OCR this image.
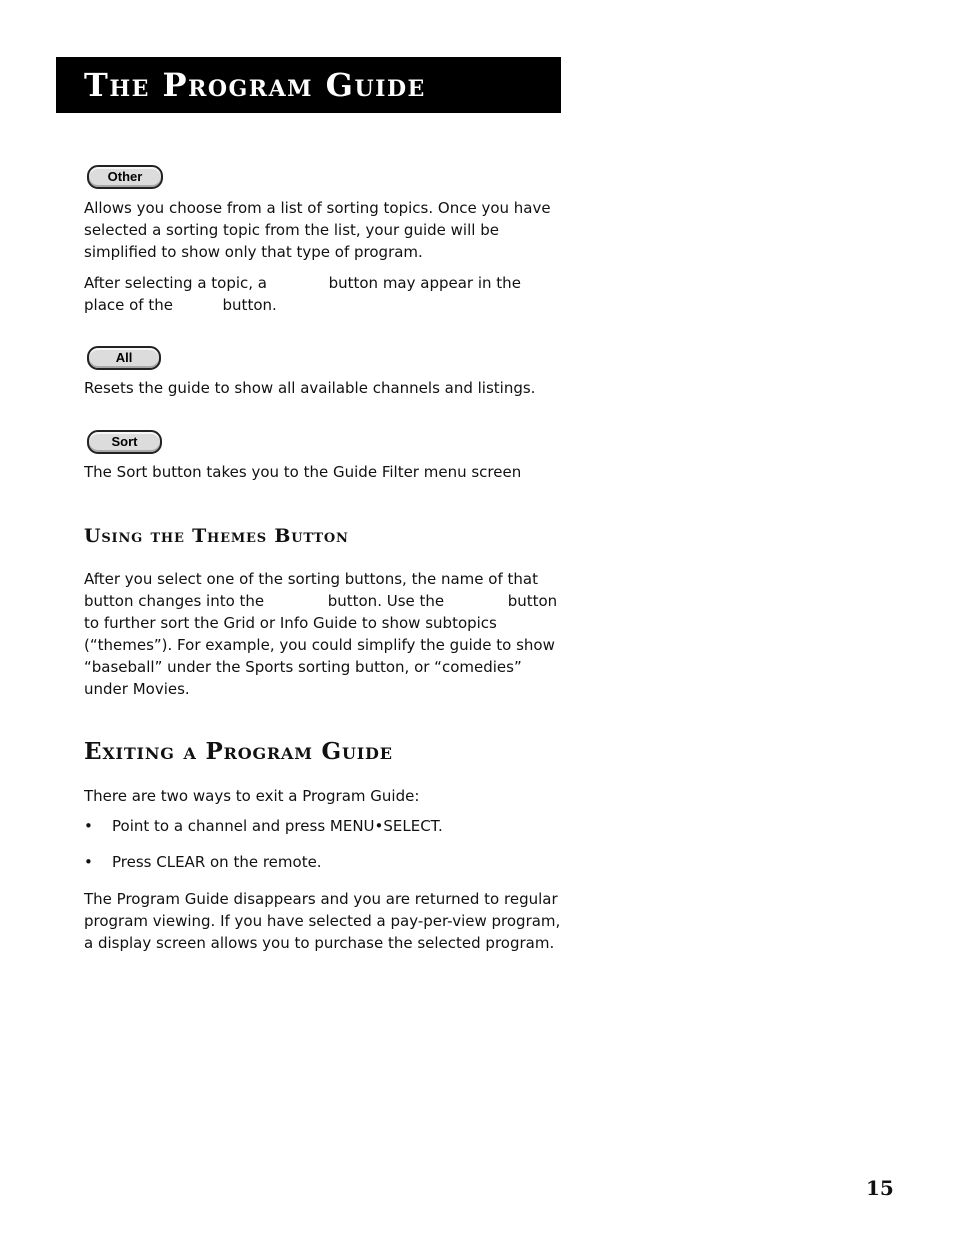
The Program Guide
Other

Allows you choose from a list of sorting topics. Once you have selected a sorting topic from the list, your guide will be simplified to show only that type of program.

After selecting a topic, a	button may appear in the place of the	button.

All

Resets the guide to show all available channels and listings.

Sort

The Sort button takes you to the Guide Filter menu screen

Using the Themes Button

After you select one of the sorting buttons, the name of that button changes into the	button. Use the	button to further sort the Grid or Info Guide to show subtopics (“themes”). For example, you could simplify the guide to show “baseball” under the Sports sorting button, or “comedies” under Movies.

Exiting a Program Guide

There are two ways to exit a Program Guide:

• Point to a channel and press MENU•SELECT.
• Press CLEAR on the remote.

The Program Guide disappears and you are returned to regular program viewing. If you have selected a pay-per-view program, a display screen allows you to purchase the selected program.

15
